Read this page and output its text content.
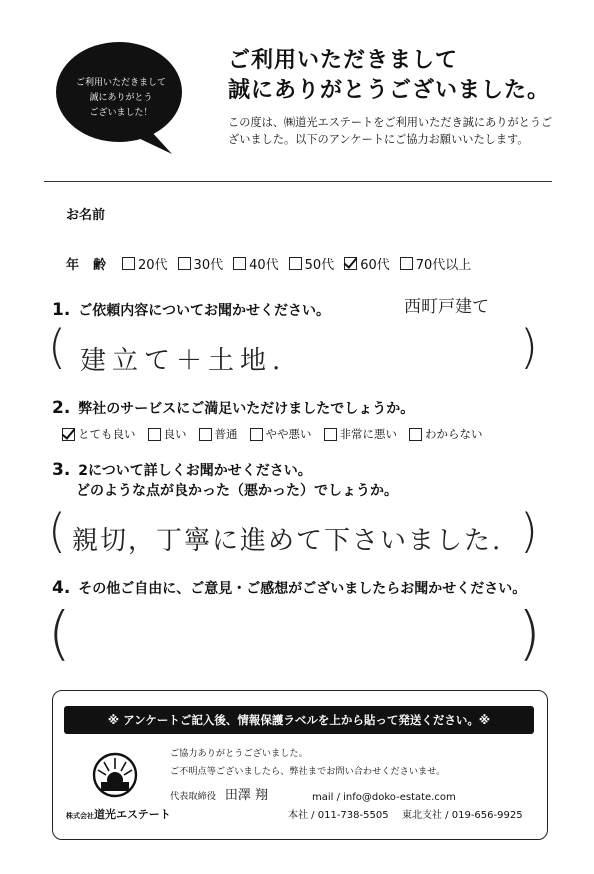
ご利用いただきまして
誠にありがとう
ございました！
ご利用いただきまして
誠にありがとうございました。
この度は、㈱道光エステートをご利用いただき誠にありがとうございました。以下のアンケートにご協力お願いいたします。
お名前
年齢 20代 30代 40代 50代 60代 70代以上
1. ご依頼内容についてお聞かせください。	西町戸建て
(	)
建立て＋土地.
2. 弊社のサービスにご満足いただけましたでしょうか。
とても良い 良い 普通 やや悪い 非常に悪い わからない
3. 2について詳しくお聞かせください。
どのような点が良かった（悪かった）でしょうか。
(	)
親切，丁寧に進めて下さいました.
4. その他ご自由に、ご意見・ご感想がございましたらお聞かせください。
(	)
※ アンケートご記入後、情報保護ラベルを上から貼って発送ください。※
株式会社道光エステート
ご協力ありがとうございました。
ご不明点等ございましたら、弊社までお問い合わせくださいませ。
代表取締役 田澤 翔	mail / info@doko-estate.com
本社 / 011-738-5505 東北支社 / 019-656-9925
